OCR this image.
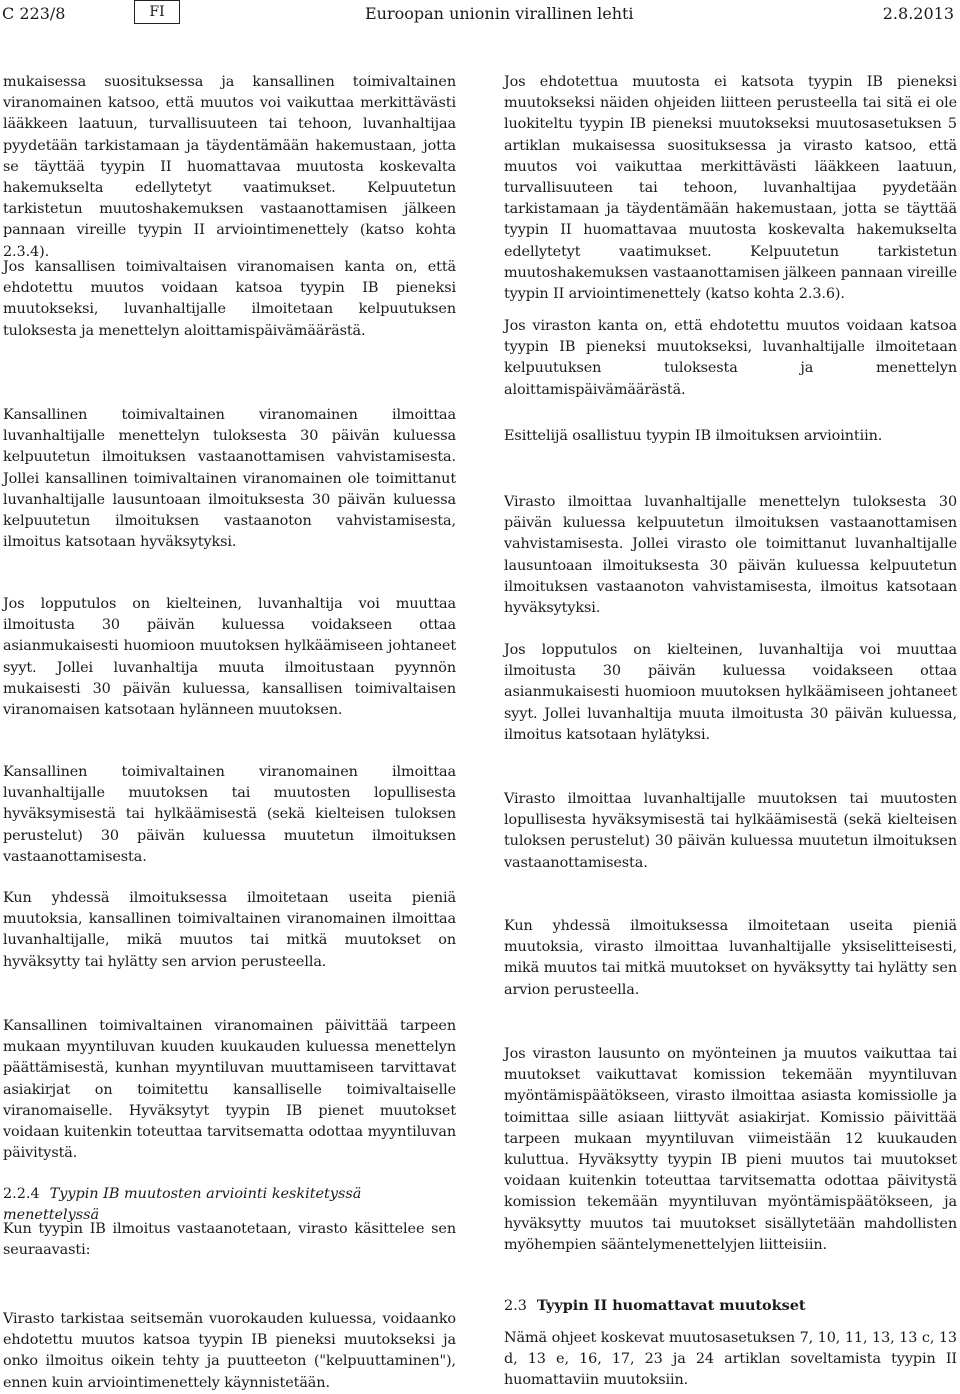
C 223/8	FI	Euroopan unionin virallinen lehti	2.8.2013

mukaisessa suosituksessa ja kansallinen toimivaltainen viranomainen katsoo, että muutos voi vaikuttaa merkittävästi lääkkeen laatuun, turvallisuuteen tai tehoon, luvanhaltijaa pyydetään tarkistamaan ja täydentämään hakemustaan, jotta se täyttää tyypin II huomattavaa muutosta koskevalta hakemukselta edellytetyt vaatimukset. Kelpuutetun tarkistetun muutoshakemuksen vastaanottamisen jälkeen pannaan vireille tyypin II arviointimenettely (katso kohta 2.3.4).

Jos kansallisen toimivaltaisen viranomaisen kanta on, että ehdotettu muutos voidaan katsoa tyypin IB pieneksi muutokseksi, luvanhaltijalle ilmoitetaan kelpuutuksen tuloksesta ja menettelyn aloittamispäivämäärästä.

Kansallinen toimivaltainen viranomainen ilmoittaa luvanhaltijalle menettelyn tuloksesta 30 päivän kuluessa kelpuutetun ilmoituksen vastaanottamisen vahvistamisesta. Jollei kansallinen toimivaltainen viranomainen ole toimittanut luvanhaltijalle lausuntoaan ilmoituksesta 30 päivän kuluessa kelpuutetun ilmoituksen vastaanoton vahvistamisesta, ilmoitus katsotaan hyväksytyksi.

Jos lopputulos on kielteinen, luvanhaltija voi muuttaa ilmoitusta 30 päivän kuluessa voidakseen ottaa asianmukaisesti huomioon muutoksen hylkäämiseen johtaneet syyt. Jollei luvanhaltija muuta ilmoitustaan pyynnön mukaisesti 30 päivän kuluessa, kansallisen toimivaltaisen viranomaisen katsotaan hylänneen muutoksen.

Kansallinen toimivaltainen viranomainen ilmoittaa luvanhaltijalle muutoksen tai muutosten lopullisesta hyväksymisestä tai hylkäämisestä (sekä kielteisen tuloksen perustelut) 30 päivän kuluessa muutetun ilmoituksen vastaanottamisesta.

Kun yhdessä ilmoituksessa ilmoitetaan useita pieniä muutoksia, kansallinen toimivaltainen viranomainen ilmoittaa luvanhaltijalle, mikä muutos tai mitkä muutokset on hyväksytty tai hylätty sen arvion perusteella.

Kansallinen toimivaltainen viranomainen päivittää tarpeen mukaan myyntiluvan kuuden kuukauden kuluessa menettelyn päättämisestä, kunhan myyntiluvan muuttamiseen tarvittavat asiakirjat on toimitettu kansalliselle toimivaltaiselle viranomaiselle. Hyväksytyt tyypin IB pienet muutokset voidaan kuitenkin toteuttaa tarvitsematta odottaa myyntiluvan päivitystä.

2.2.4 Tyypin IB muutosten arviointi keskitetyssä menettelyssä

Kun tyypin IB ilmoitus vastaanotetaan, virasto käsittelee sen seuraavasti:

Virasto tarkistaa seitsemän vuorokauden kuluessa, voidaanko ehdotettu muutos katsoa tyypin IB pieneksi muutokseksi ja onko ilmoitus oikein tehty ja puutteeton ("kelpuuttaminen"), ennen kuin arviointimenettely käynnistetään.

Jos ehdotettua muutosta ei katsota tyypin IB pieneksi muutokseksi näiden ohjeiden liitteen perusteella tai sitä ei ole luokiteltu tyypin IB pieneksi muutokseksi muutosasetuksen 5 artiklan mukaisessa suosituksessa ja virasto katsoo, että muutos voi vaikuttaa merkittävästi lääkkeen laatuun, turvallisuuteen tai tehoon, luvanhaltijaa pyydetään tarkistamaan ja täydentämään hakemustaan, jotta se täyttää tyypin II huomattavaa muutosta koskevalta hakemukselta edellytetyt vaatimukset. Kelpuutetun tarkistetun muutoshakemuksen vastaanottamisen jälkeen pannaan vireille tyypin II arviointimenettely (katso kohta 2.3.6).

Jos viraston kanta on, että ehdotettu muutos voidaan katsoa tyypin IB pieneksi muutokseksi, luvanhaltijalle ilmoitetaan kelpuutuksen tuloksesta ja menettelyn aloittamispäivämäärästä.

Esittelijä osallistuu tyypin IB ilmoituksen arviointiin.

Virasto ilmoittaa luvanhaltijalle menettelyn tuloksesta 30 päivän kuluessa kelpuutetun ilmoituksen vastaanottamisen vahvistamisesta. Jollei virasto ole toimittanut luvanhaltijalle lausuntoaan ilmoituksesta 30 päivän kuluessa kelpuutetun ilmoituksen vastaanoton vahvistamisesta, ilmoitus katsotaan hyväksytyksi.

Jos lopputulos on kielteinen, luvanhaltija voi muuttaa ilmoitusta 30 päivän kuluessa voidakseen ottaa asianmukaisesti huomioon muutoksen hylkäämiseen johtaneet syyt. Jollei luvanhaltija muuta ilmoitusta 30 päivän kuluessa, ilmoitus katsotaan hylätyksi.

Virasto ilmoittaa luvanhaltijalle muutoksen tai muutosten lopullisesta hyväksymisestä tai hylkäämisestä (sekä kielteisen tuloksen perustelut) 30 päivän kuluessa muutetun ilmoituksen vastaanottamisesta.

Kun yhdessä ilmoituksessa ilmoitetaan useita pieniä muutoksia, virasto ilmoittaa luvanhaltijalle yksiselitteisesti, mikä muutos tai mitkä muutokset on hyväksytty tai hylätty sen arvion perusteella.

Jos viraston lausunto on myönteinen ja muutos vaikuttaa tai muutokset vaikuttavat komission tekemään myyntiluvan myöntämispäätökseen, virasto ilmoittaa asiasta komissiolle ja toimittaa sille asiaan liittyvät asiakirjat. Komissio päivittää tarpeen mukaan myyntiluvan viimeistään 12 kuukauden kuluttua. Hyväksytty tyypin IB pieni muutos tai muutokset voidaan kuitenkin toteuttaa tarvitsematta odottaa päivitystä komission tekemään myyntiluvan myöntämispäätökseen, ja hyväksytty muutos tai muutokset sisällytetään mahdollisten myöhempien sääntelymenettelyjen liitteisiin.

2.3 Tyypin II huomattavat muutokset

Nämä ohjeet koskevat muutosasetuksen 7, 10, 11, 13, 13 c, 13 d, 13 e, 16, 17, 23 ja 24 artiklan soveltamista tyypin II huomattaviin muutoksiin.
